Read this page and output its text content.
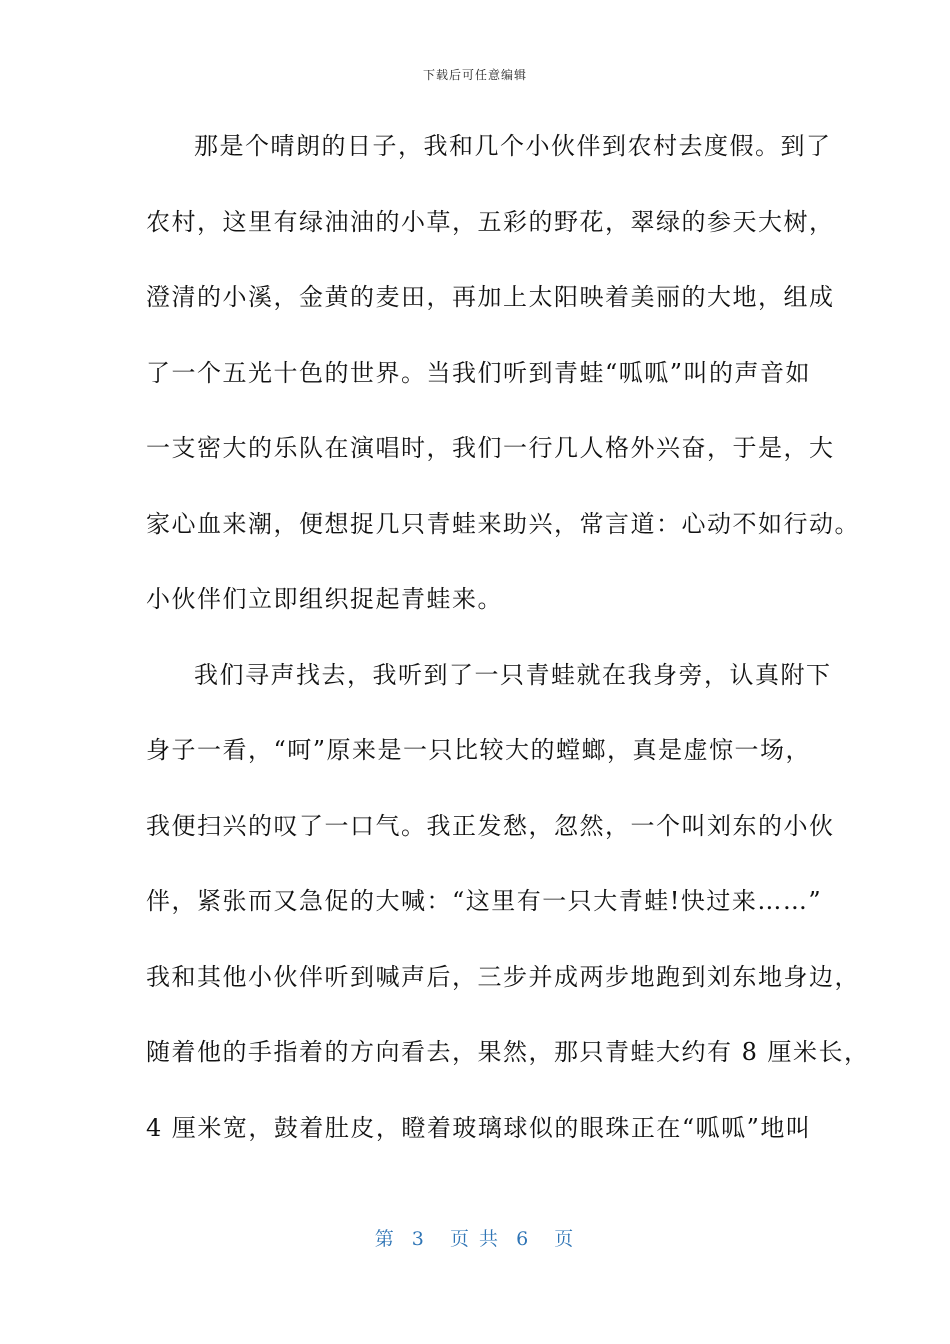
下载后可任意编辑
那是个晴朗的日子，我和几个小伙伴到农村去度假。到了
农村，这里有绿油油的小草，五彩的野花，翠绿的参天大树，
澄清的小溪，金黄的麦田，再加上太阳映着美丽的大地，组成
了一个五光十色的世界。当我们听到青蛙“呱呱”叫的声音如
一支密大的乐队在演唱时，我们一行几人格外兴奋，于是，大
家心血来潮，便想捉几只青蛙来助兴，常言道：心动不如行动。
小伙伴们立即组织捉起青蛙来。
我们寻声找去，我听到了一只青蛙就在我身旁，认真附下
身子一看，“呵”原来是一只比较大的螳螂，真是虚惊一场，
我便扫兴的叹了一口气。我正发愁，忽然，一个叫刘东的小伙
伴，紧张而又急促的大喊：“这里有一只大青蛙!快过来……”
我和其他小伙伴听到喊声后，三步并成两步地跑到刘东地身边，
随着他的手指着的方向看去，果然，那只青蛙大约有 8 厘米长，
4 厘米宽，鼓着肚皮，瞪着玻璃球似的眼珠正在“呱呱”地叫
第  3   页 共  6   页
